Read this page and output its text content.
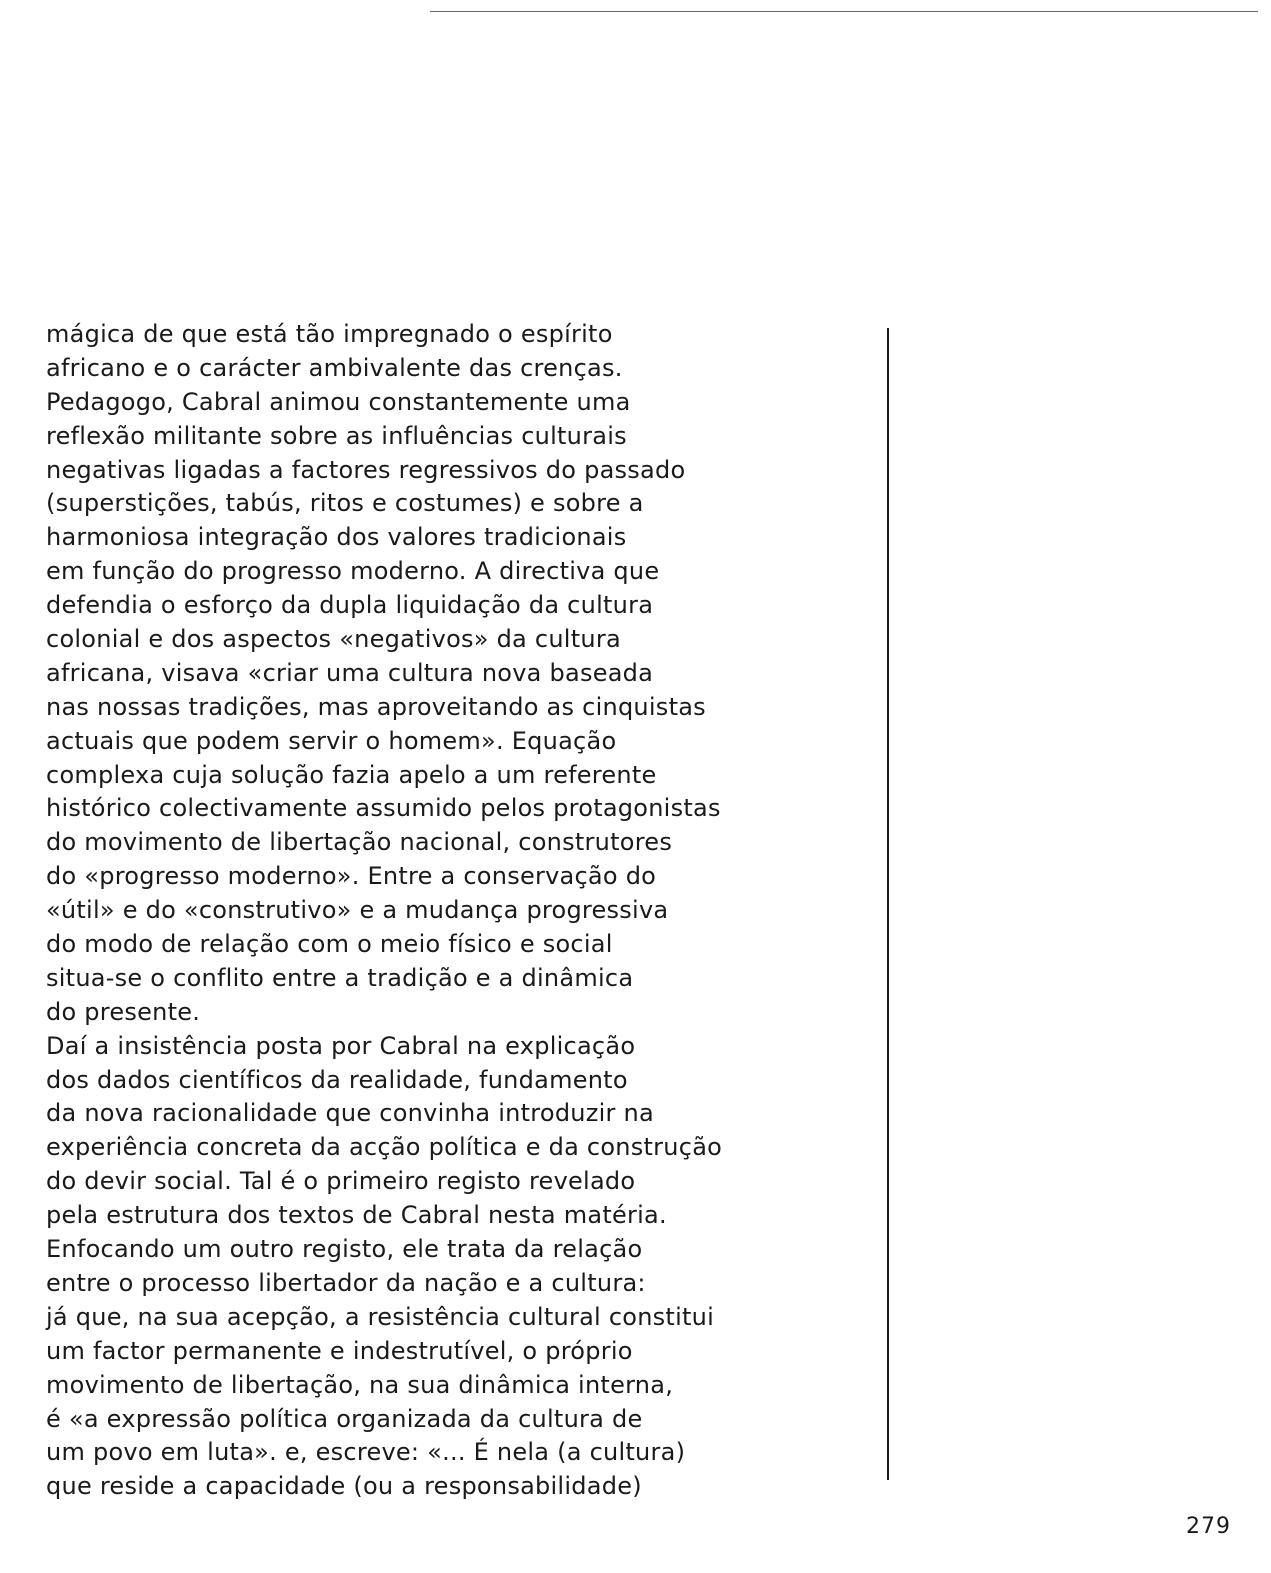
mágica de que está tão impregnado o espírito

africano e o carácter ambivalente das crenças.

Pedagogo, Cabral animou constantemente uma

reflexão militante sobre as influências culturais

negativas ligadas a factores regressivos do passado

(superstições, tabús, ritos e costumes) e sobre a

harmoniosa integração dos valores tradicionais

em função do progresso moderno. A directiva que

defendia o esforço da dupla liquidação da cultura

colonial e dos aspectos «negativos» da cultura

africana, visava «criar uma cultura nova baseada

nas nossas tradições, mas aproveitando as cinquistas

actuais que podem servir o homem». Equação

complexa cuja solução fazia apelo a um referente

histórico colectivamente assumido pelos protagonistas

do movimento de libertação nacional, construtores

do «progresso moderno». Entre a conservação do

«útil» e do «construtivo» e a mudança progressiva

do modo de relação com o meio físico e social

situa-se o conflito entre a tradição e a dinâmica

do presente.

Daí a insistência posta por Cabral na explicação

dos dados científicos da realidade, fundamento

da nova racionalidade que convinha introduzir na

experiência concreta da acção política e da construção

do devir social. Tal é o primeiro registo revelado

pela estrutura dos textos de Cabral nesta matéria.

Enfocando um outro registo, ele trata da relação

entre o processo libertador da nação e a cultura:

já que, na sua acepção, a resistência cultural constitui

um factor permanente e indestrutível, o próprio

movimento de libertação, na sua dinâmica interna,

é «a expressão política organizada da cultura de

um povo em luta». e, escreve: «... É nela (a cultura)

que reside a capacidade (ou a responsabilidade)

279
